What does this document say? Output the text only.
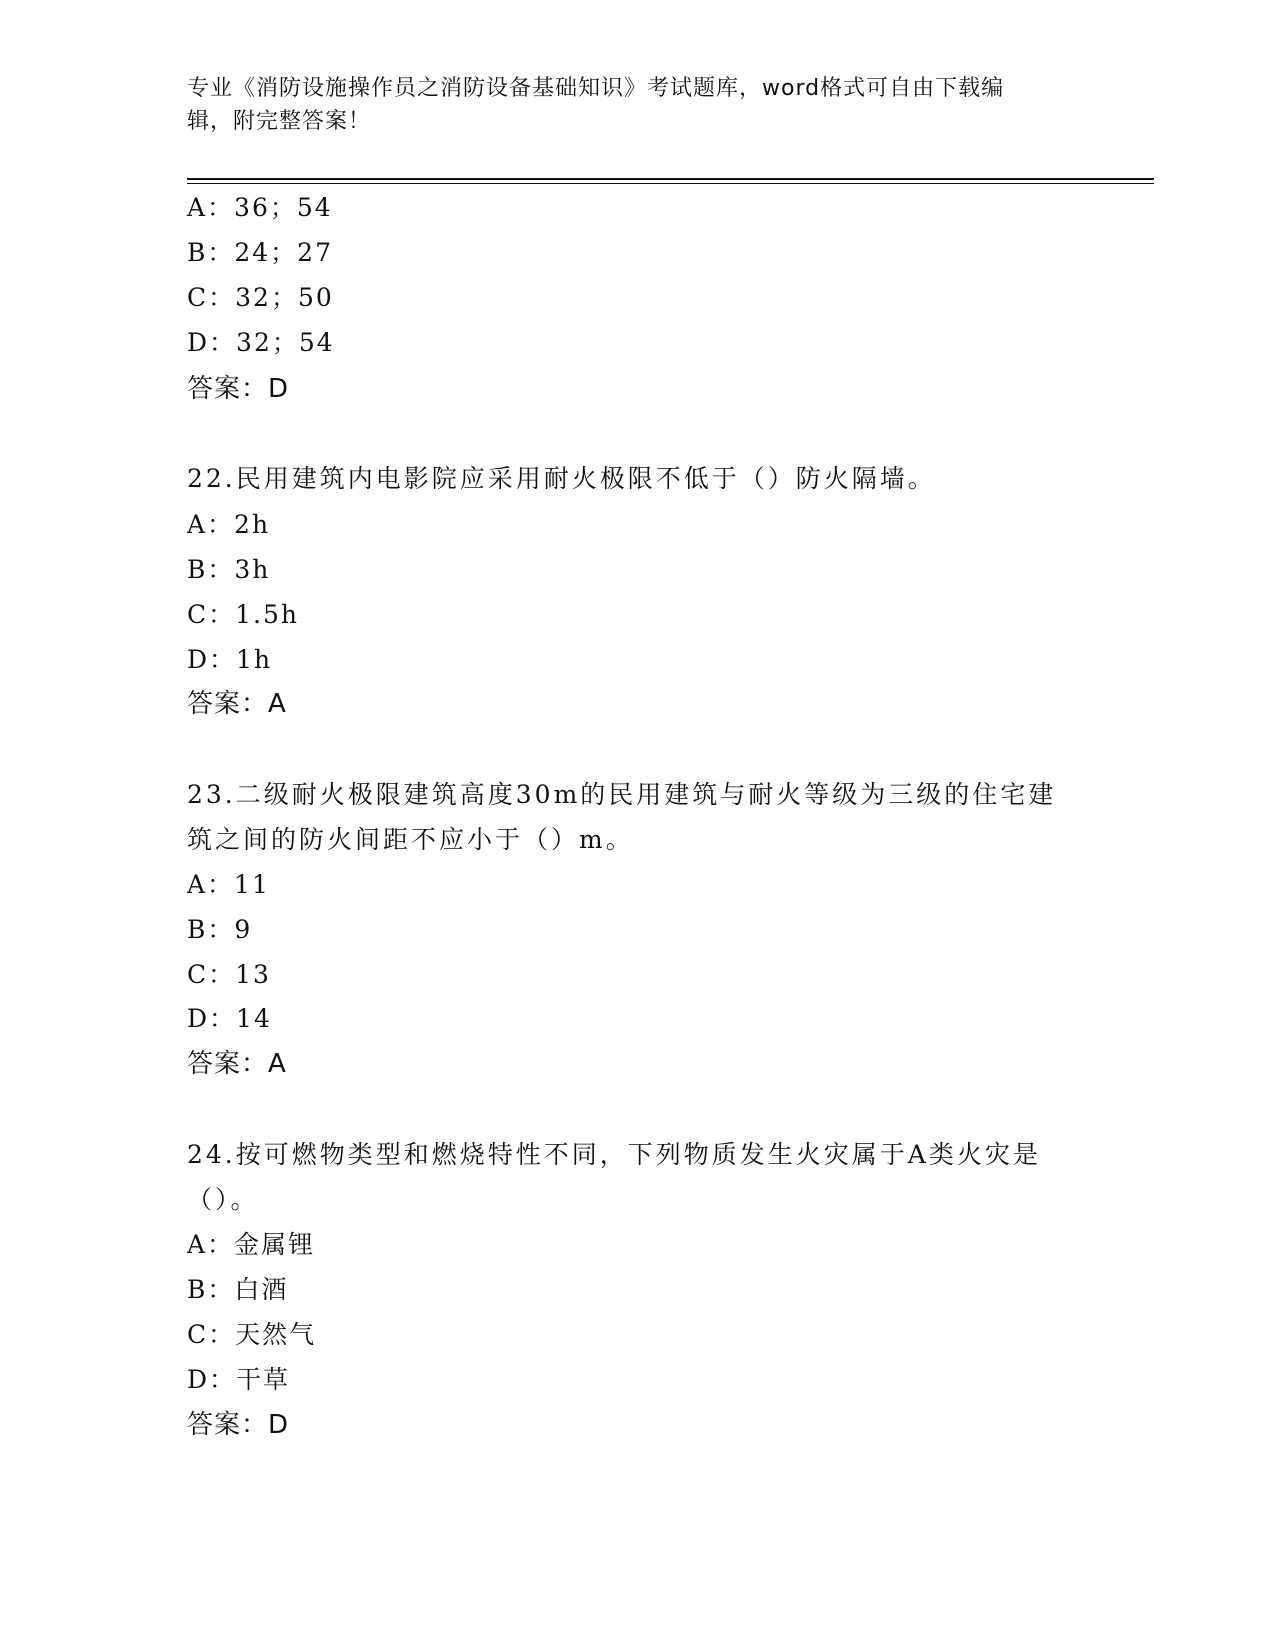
专业《消防设施操作员之消防设备基础知识》考试题库，word格式可自由下载编
辑，附完整答案！
A：36；54
B：24；27
C：32；50
D：32；54
答案：D
22.民用建筑内电影院应采用耐火极限不低于（）防火隔墙。
A：2h
B：3h
C：1.5h
D：1h
答案：A
23.二级耐火极限建筑高度30m的民用建筑与耐火等级为三级的住宅建
筑之间的防火间距不应小于（）m。
A：11
B：9
C：13
D：14
答案：A
24.按可燃物类型和燃烧特性不同，下列物质发生火灾属于A类火灾是
（）。
A：金属锂
B：白酒
C：天然气
D：干草
答案：D
